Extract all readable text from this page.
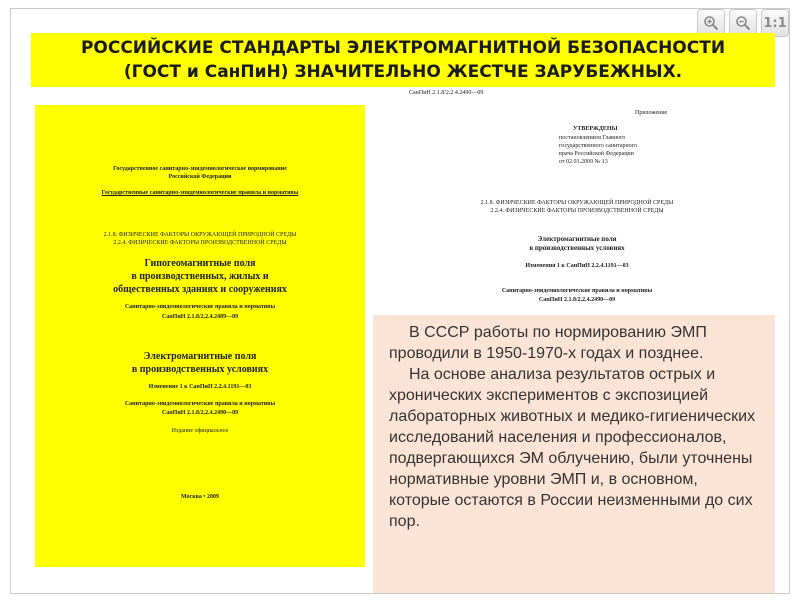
1:1
РОССИЙСКИЕ СТАНДАРТЫ ЭЛЕКТРОМАГНИТНОЙ БЕЗОПАСНОСТИ
(ГОСТ и СанПиН) ЗНАЧИТЕЛЬНО ЖЕСТЧЕ ЗАРУБЕЖНЫХ.
Государственное санитарно-эпидемиологическое нормирование
Российской Федерации
Государственные санитарно-эпидемиологические правила и нормативы
2.1.8. ФИЗИЧЕСКИЕ ФАКТОРЫ ОКРУЖАЮЩЕЙ ПРИРОДНОЙ СРЕДЫ
2.2.4. ФИЗИЧЕСКИЕ ФАКТОРЫ ПРОИЗВОДСТВЕННОЙ СРЕДЫ
Гипогеомагнитные поля
в производственных, жилых и
общественных зданиях и сооружениях
Санитарно-эпидемиологические правила и нормативы
СанПиН 2.1.8/2.2.4.2489—09
Электромагнитные поля
в производственных условиях
Изменение 1 к СанПиН 2.2.4.1191—03
Санитарно-эпидемиологические правила и нормативы
СанПиН 2.1.8/2.2.4.2490—09
Издание официальное
Москва • 2009
СанПиН 2.1.8/2.2.4.2490—09
Приложение
УТВЕРЖДЕНЫ
постановлением Главного
государственного санитарного
врача Российской Федерации
от 02.03.2009 № 13
2.1.8. ФИЗИЧЕСКИЕ ФАКТОРЫ ОКРУЖАЮЩЕЙ ПРИРОДНОЙ СРЕДЫ
2.2.4. ФИЗИЧЕСКИЕ ФАКТОРЫ ПРОИЗВОДСТВЕННОЙ СРЕДЫ
Электромагнитные поля
в производственных условиях
Изменения 1 к СанПиН 2.2.4.1191—03
Санитарно-эпидемиологические правила и нормативы
СанПиН 2.1.8/2.2.4.2490—09

В СССР работы по нормированию ЭМП проводили в 1950-1970-х годах и позднее.

На основе анализа результатов острых и хронических экспериментов с экспозицией лабораторных животных и медико-гигиенических исследований населения и профессионалов, подвергающихся ЭМ облучению, были уточнены нормативные уровни ЭМП и, в основном, которые остаются в России неизменными до сих пор.
